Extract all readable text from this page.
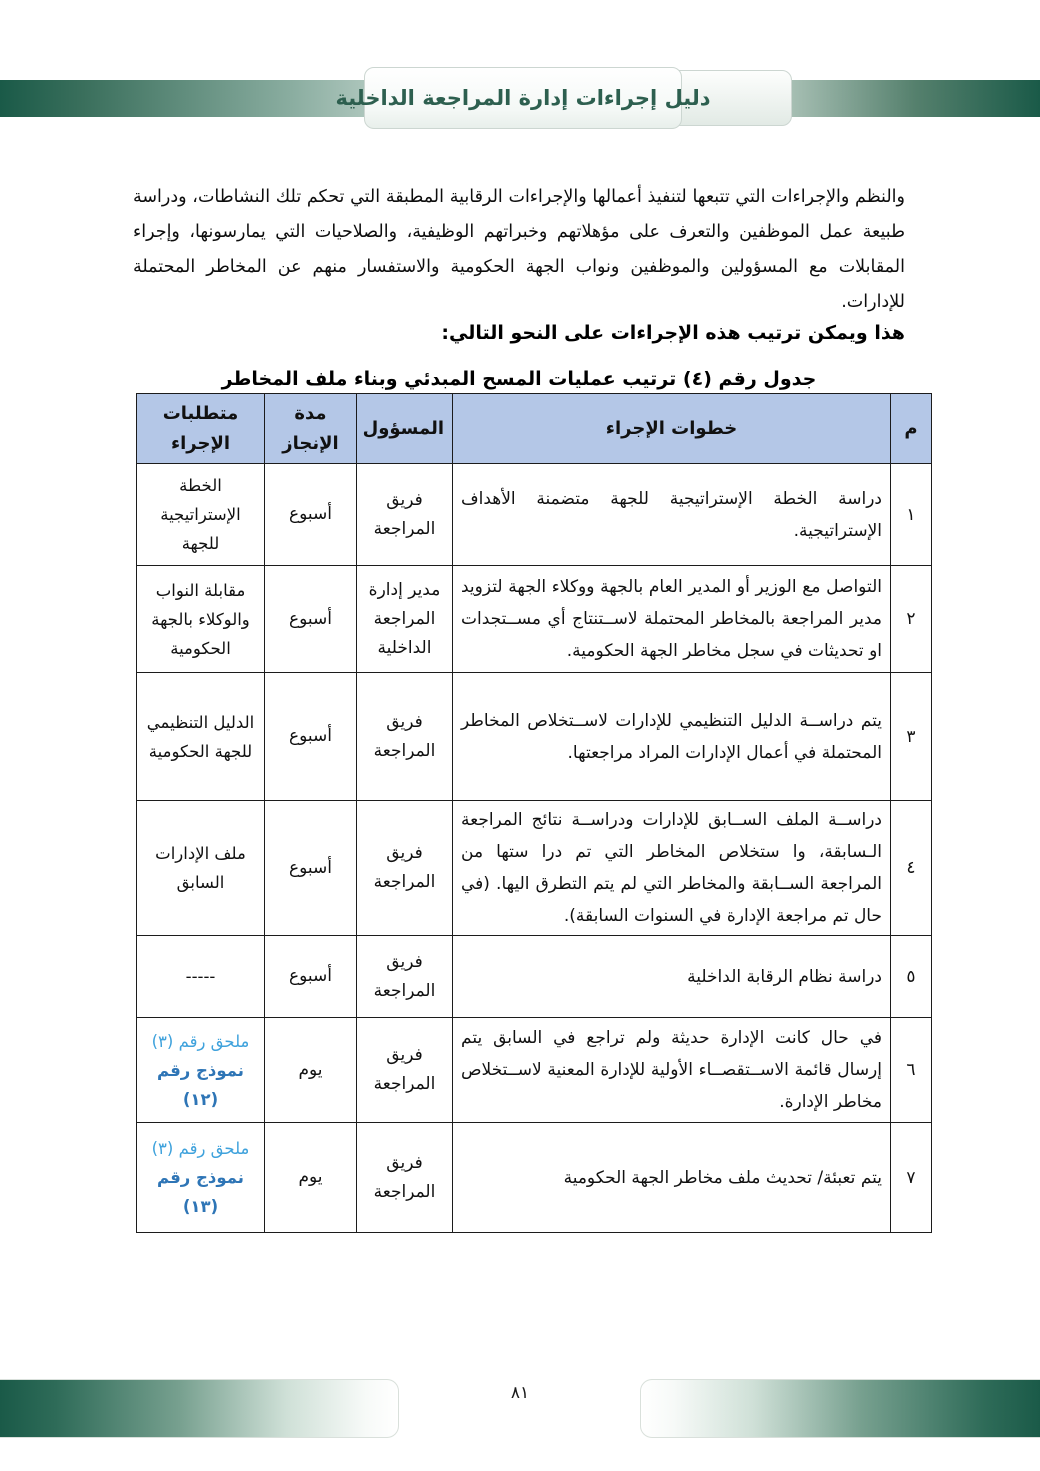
دليل إجراءات إدارة المراجعة الداخلية

والنظم والإجراءات التي تتبعها لتنفيذ أعمالها والإجراءات الرقابية المطبقة التي تحكم تلك النشاطات، ودراسة طبيعة عمل الموظفين والتعرف على مؤهلاتهم وخبراتهم الوظيفية، والصلاحيات التي يمارسونها، وإجراء المقابلات مع المسؤولين والموظفين ونواب الجهة الحكومية والاستفسار منهم عن المخاطر المحتملة للإدارات.

هذا ويمكن ترتيب هذه الإجراءات على النحو التالي:

جدول رقم (٤) ترتيب عمليات المسح المبدئي وبناء ملف المخاطر

م	خطوات الإجراء	المسؤول	مدة الإنجاز	متطلبات الإجراء
١	دراسة الخطة الإستراتيجية للجهة متضمنة الأهداف الإستراتيجية.	فريق المراجعة	أسبوع	الخطة الإستراتيجية للجهة
٢	التواصل مع الوزير أو المدير العام بالجهة ووكلاء الجهة لتزويد مدير المراجعة بالمخاطر المحتملة لاســتنتاج أي مســتجدات او تحديثات في سجل مخاطر الجهة الحكومية.	مدير إدارة المراجعة الداخلية	أسبوع	مقابلة النواب والوكلاء بالجهة الحكومية
٣	يتم دراســة الدليل التنظيمي للإدارات لاســتخلاص المخاطر المحتملة في أعمال الإدارات المراد مراجعتها.	فريق المراجعة	أسبوع	الدليل التنظيمي للجهة الحكومية
٤	دراســة الملف الســابق للإدارات ودراســة نتائج المراجعة الـسابقة، وا ستخلاص المخاطر التي تم درا ستها من المراجعة الســابقة والمخاطر التي لم يتم التطرق اليها. (في حال تم مراجعة الإدارة في السنوات السابقة).	فريق المراجعة	أسبوع	ملف الإدارات السابق
٥	دراسة نظام الرقابة الداخلية	فريق المراجعة	أسبوع	-----
٦	في حال كانت الإدارة حديثة ولم تراجع في السابق يتم إرسال قائمة الاســتقصــاء الأولية للإدارة المعنية لاســتخلاص مخاطر الإدارة.	فريق المراجعة	يوم	ملحق رقم (٣)
نموذج رقم
(١٢)

٧	يتم تعبئة/ تحديث ملف مخاطر الجهة الحكومية	فريق المراجعة	يوم	ملحق رقم (٣)
نموذج رقم
(١٣)
٨١
